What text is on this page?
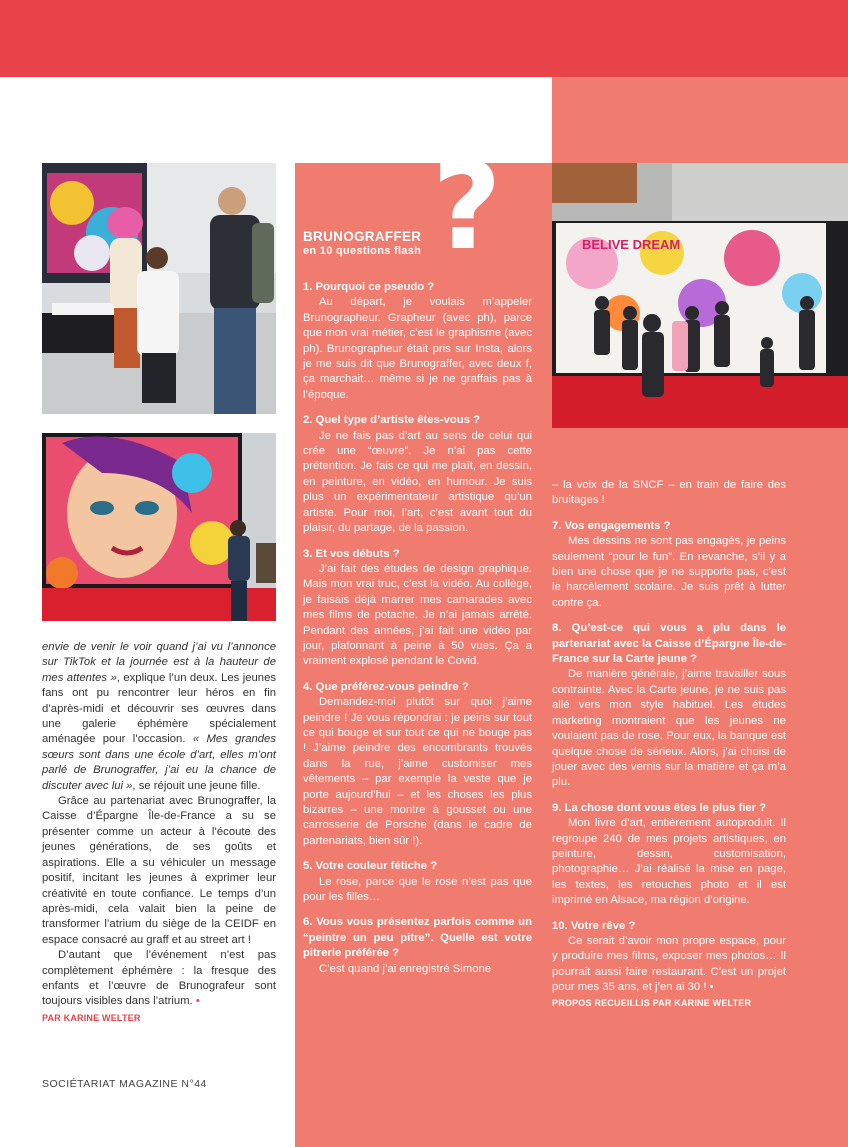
BELIVE DREAM

envie de venir le voir quand j’ai vu l’annonce sur TikTok et la journée est à la hauteur de mes attentes », explique l’un deux. Les jeunes fans ont pu rencontrer leur héros en fin d’après-midi et découvrir ses œuvres dans une galerie éphémère spécialement aménagée pour l’occasion. « Mes grandes sœurs sont dans une école d’art, elles m’ont parlé de Brunograffer, j’ai eu la chance de discuter avec lui », se réjouit une jeune fille.

Grâce au partenariat avec Brunograffer, la Caisse d’Épargne Île-de-France a su se présenter comme un acteur à l’écoute des jeunes générations, de ses goûts et aspirations. Elle a su véhiculer un message positif, incitant les jeunes à exprimer leur créativité en toute confiance. Le temps d’un après-midi, cela valait bien la peine de transformer l’atrium du siège de la CEIDF en espace consacré au graff et au street art !

D’autant que l’événement n’est pas complètement éphémère : la fresque des enfants et l’œuvre de Brunografeur sont toujours visibles dans l’atrium. •

PAR KARINE WELTER
?
BRUNOGRAFFER
en 10 questions flash

1. Pourquoi ce pseudo ?

Au départ, je voulais m’appeler Brunographeur. Grapheur (avec ph), parce que mon vrai métier, c’est le graphisme (avec ph). Brunographeur était pris sur Insta, alors je me suis dit que Brunograffer, avec deux f, ça marchait… même si je ne graffais pas à l’époque.

2. Quel type d’artiste êtes-vous ?

Je ne fais pas d’art au sens de celui qui crée une “œuvre”. Je n’ai pas cette prétention. Je fais ce qui me plaît, en dessin, en peinture, en vidéo, en humour. Je suis plus un expérimentateur artistique qu’un artiste. Pour moi, l’art, c’est avant tout du plaisir, du partage, de la passion.

3. Et vos débuts ?

J’ai fait des études de design graphique. Mais mon vrai truc, c’est la vidéo. Au collège, je faisais déjà marrer mes camarades avec mes films de potache. Je n’ai jamais arrêté. Pendant des années, j’ai fait une vidéo par jour, plafonnant à peine à 50 vues. Ça a vraiment explosé pendant le Covid.

4. Que préférez-vous peindre ?

Demandez-moi plutôt sur quoi j’aime peindre ! Je vous répondrai : je peins sur tout ce qui bouge et sur tout ce qui ne bouge pas ! J’aime peindre des encombrants trouvés dans la rue, j’aime customiser mes vêtements – par exemple la veste que je porte aujourd’hui – et les choses les plus bizarres – une montre à gousset ou une carrosserie de Porsche (dans le cadre de partenariats, bien sûr !).

5. Votre couleur fétiche ?

Le rose, parce que le rose n’est pas que pour les filles…

6. Vous vous présentez parfois comme un “peintre un peu pitre”. Quelle est votre pitrerie préférée ?

C’est quand j’ai enregistré Simone

– la voix de la SNCF – en train de faire des bruitages !

7. Vos engagements ?

Mes dessins ne sont pas engagés, je peins seulement “pour le fun”. En revanche, s’il y a bien une chose que je ne supporte pas, c’est le harcèlement scolaire. Je suis prêt à lutter contre ça.

8. Qu’est-ce qui vous a plu dans le partenariat avec la Caisse d’Épargne Île-de-France sur la Carte jeune ?

De manière générale, j’aime travailler sous contrainte. Avec la Carte jeune, je ne suis pas allé vers mon style habituel. Les études marketing montraient que les jeunes ne voulaient pas de rose. Pour eux, la banque est quelque chose de sérieux. Alors, j’ai choisi de jouer avec des vernis sur la matière et ça m’a plu.

9. La chose dont vous êtes le plus fier ?

Mon livre d’art, entièrement autoproduit. Il regroupe 240 de mes projets artistiques, en peinture, dessin, customisation, photographie… J’ai réalisé la mise en page, les textes, les retouches photo et il est imprimé en Alsace, ma région d’origine.

10. Votre rêve ?

Ce serait d’avoir mon propre espace, pour y produire mes films, exposer mes photos… Il pourrait aussi faire restaurant. C’est un projet pour mes 35 ans, et j’en ai 30 ! •

PROPOS RECUEILLIS PAR KARINE WELTER
SOCIÉTARIAT MAGAZINE N°44
